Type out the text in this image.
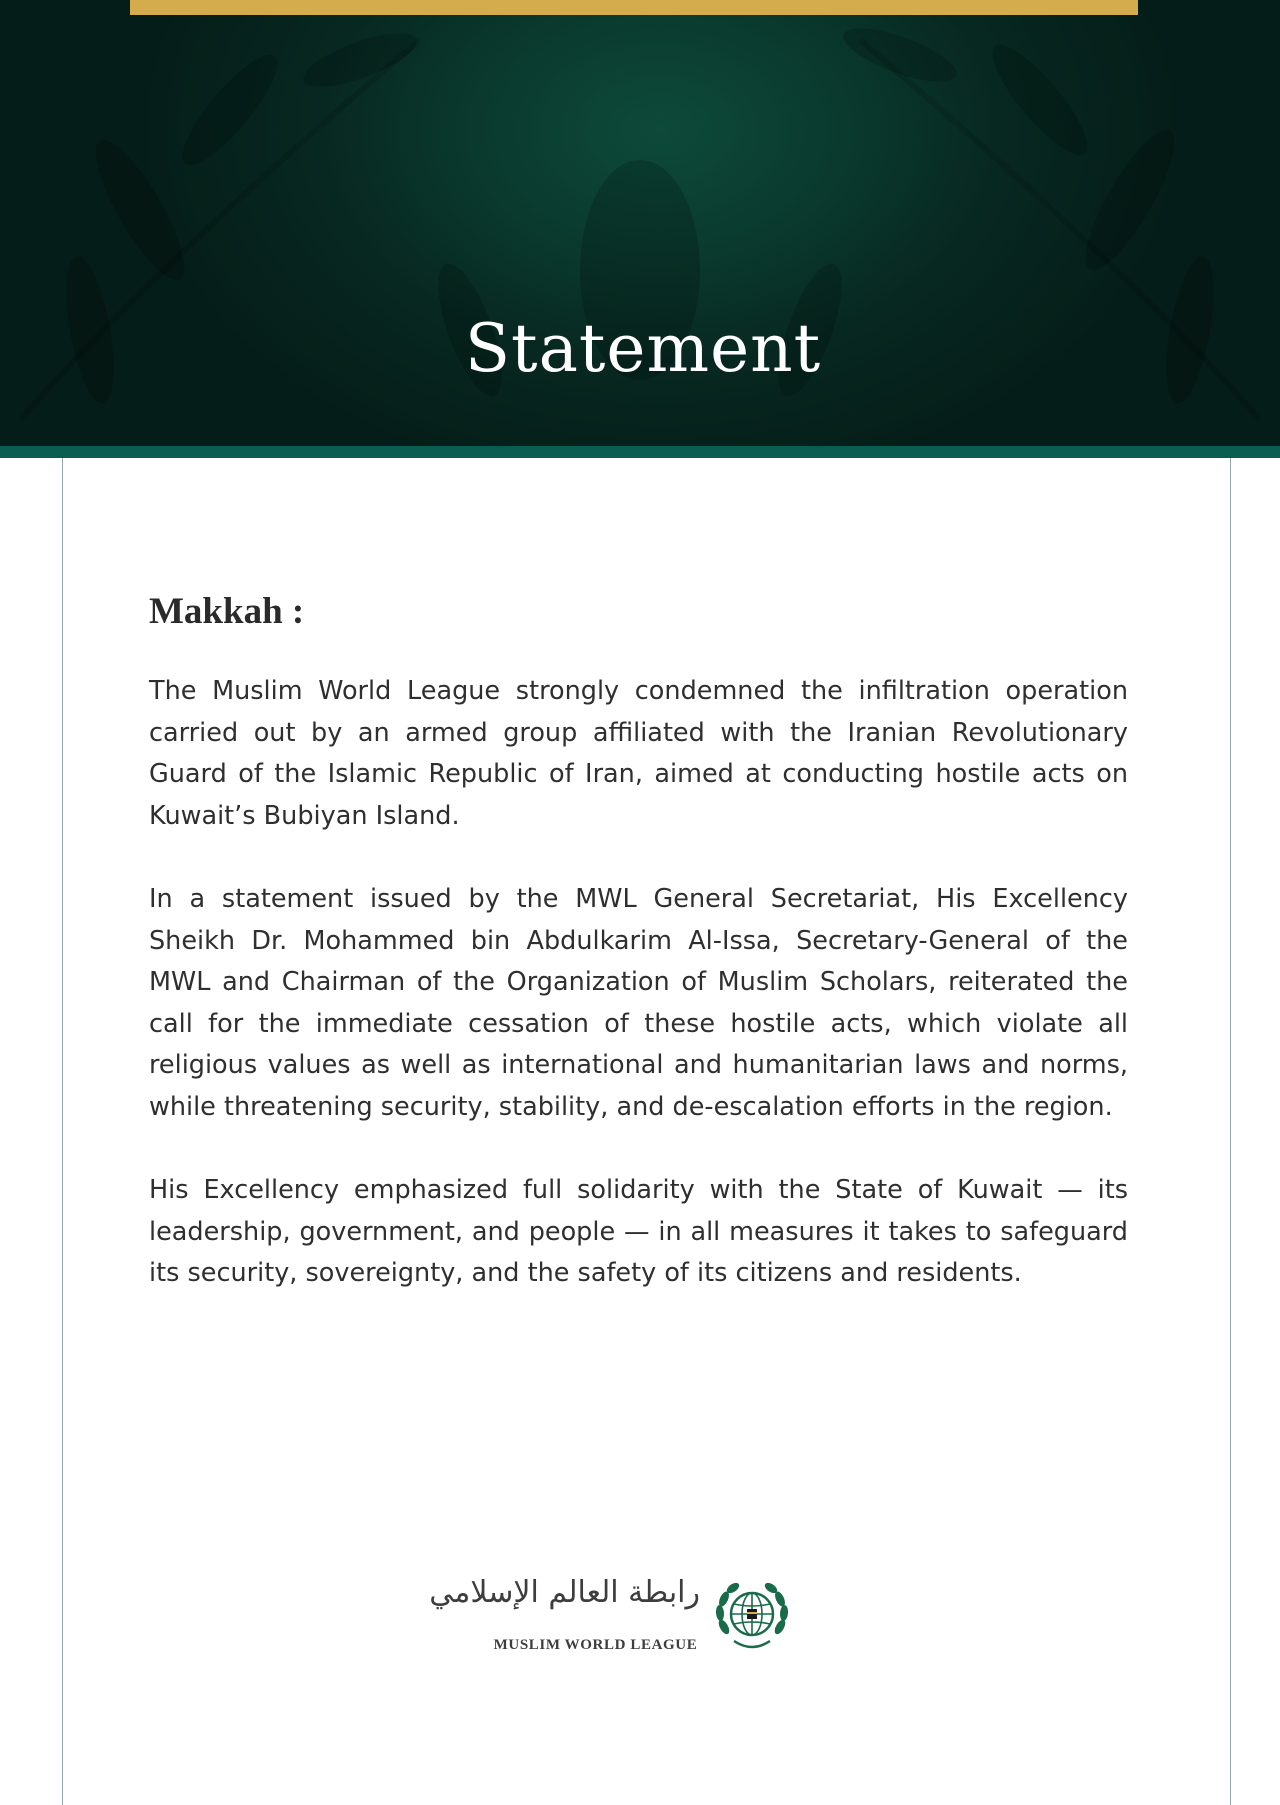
Statement

Makkah :

The Muslim World League strongly condemned the infiltration operation carried out by an armed group affiliated with the Iranian Revolutionary Guard of the Islamic Republic of Iran, aimed at conducting hostile acts on Kuwait’s Bubiyan Island.

In a statement issued by the MWL General Secretariat, His Excellency Sheikh Dr. Mohammed bin Abdulkarim Al-Issa, Secretary-General of the MWL and Chairman of the Organization of Muslim Scholars, reiterated the call for the immediate cessation of these hostile acts, which violate all religious values as well as international and humanitarian laws and norms, while threatening security, stability, and de-escalation efforts in the region.

His Excellency emphasized full solidarity with the State of Kuwait — its leadership, government, and people — in all measures it takes to safeguard its security, sovereignty, and the safety of its citizens and residents.

رابطة العالم الإسلامي
MUSLIM WORLD LEAGUE
